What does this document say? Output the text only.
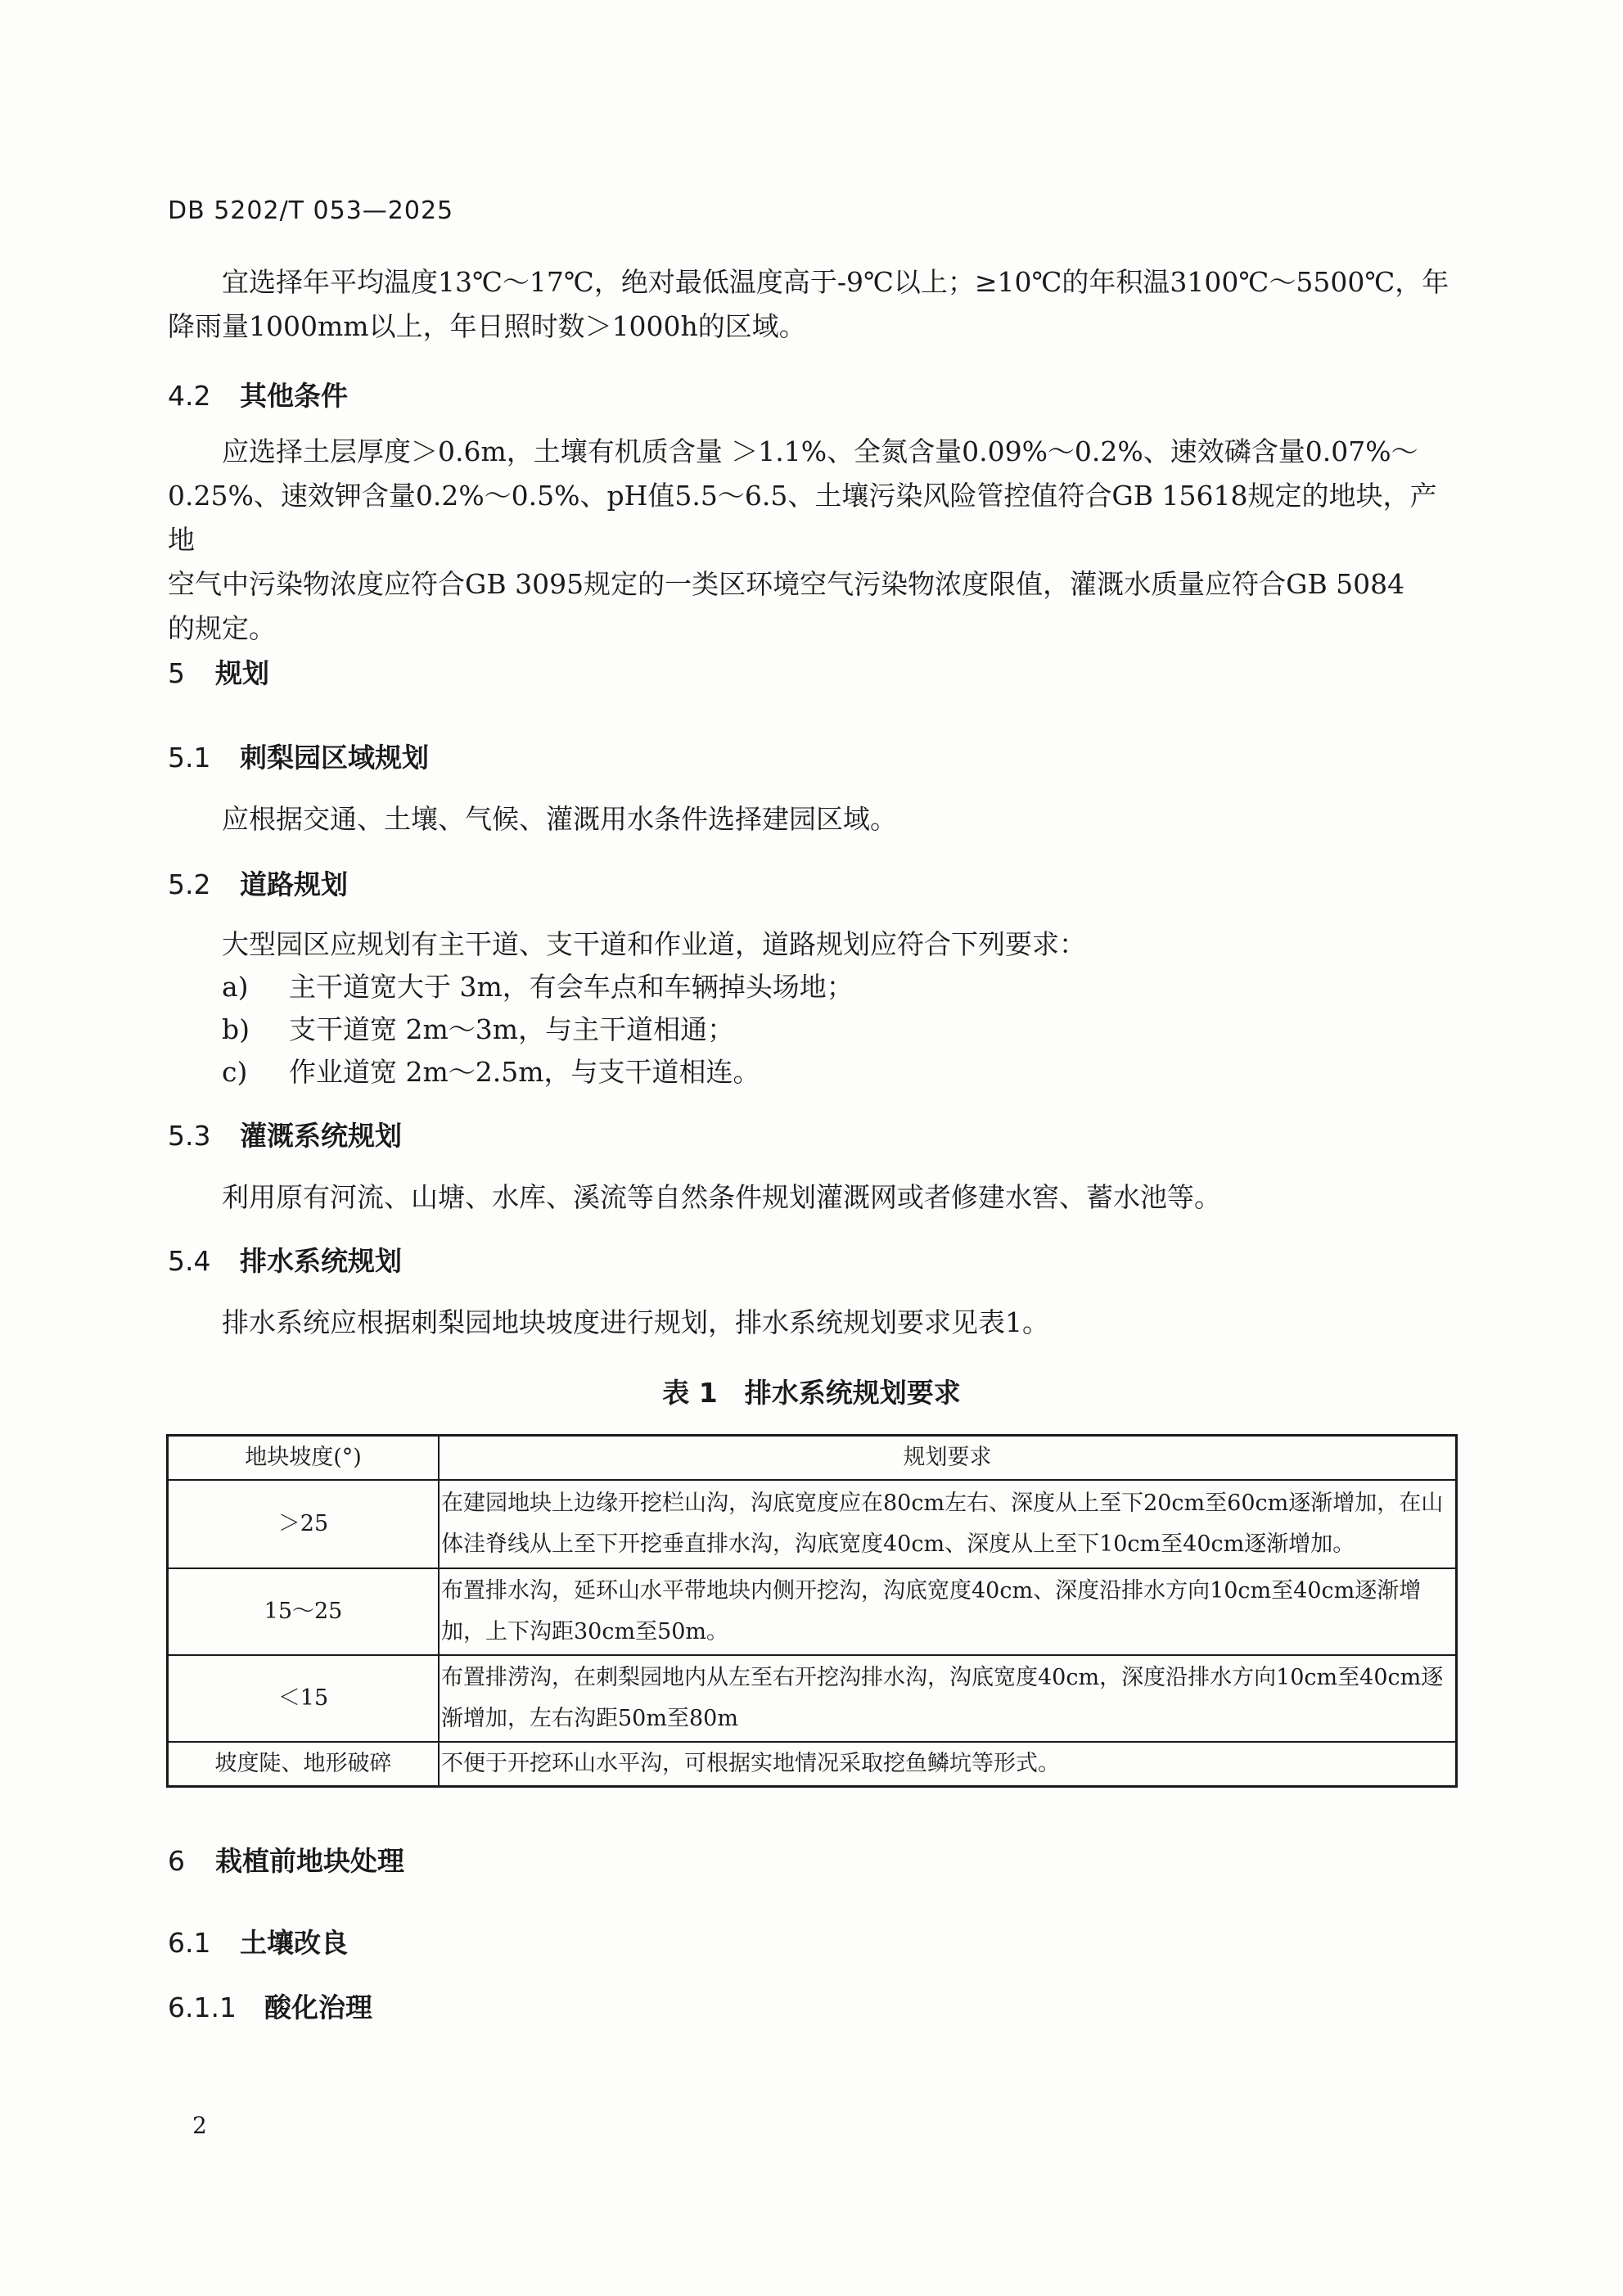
DB 5202/T 053—2025
宜选择年平均温度13℃～17℃，绝对最低温度高于-9℃以上；≥10℃的年积温3100℃～5500℃，年
降雨量1000mm以上，年日照时数＞1000h的区域。
4.2 其他条件
应选择土层厚度＞0.6m，土壤有机质含量 ＞1.1%、全氮含量0.09%～0.2%、速效磷含量0.07%～
0.25%、速效钾含量0.2%～0.5%、pH值5.5～6.5、土壤污染风险管控值符合GB 15618规定的地块，产地
空气中污染物浓度应符合GB 3095规定的一类区环境空气污染物浓度限值，灌溉水质量应符合GB 5084
的规定。
5 规划
5.1 刺梨园区域规划
应根据交通、土壤、气候、灌溉用水条件选择建园区域。
5.2 道路规划
大型园区应规划有主干道、支干道和作业道，道路规划应符合下列要求：
a) 主干道宽大于 3m，有会车点和车辆掉头场地；
b) 支干道宽 2m～3m，与主干道相通；
c) 作业道宽 2m～2.5m，与支干道相连。
5.3 灌溉系统规划
利用原有河流、山塘、水库、溪流等自然条件规划灌溉网或者修建水窖、蓄水池等。
5.4 排水系统规划
排水系统应根据刺梨园地块坡度进行规划，排水系统规划要求见表1。
表 1　排水系统规划要求
地块坡度(°)	规划要求
＞25	在建园地块上边缘开挖栏山沟，沟底宽度应在80cm左右、深度从上至下20cm至60cm逐渐增加，在山体洼脊线从上至下开挖垂直排水沟，沟底宽度40cm、深度从上至下10cm至40cm逐渐增加。
15～25	布置排水沟，延环山水平带地块内侧开挖沟，沟底宽度40cm、深度沿排水方向10cm至40cm逐渐增加，上下沟距30cm至50m。
＜15	布置排涝沟，在刺梨园地内从左至右开挖沟排水沟，沟底宽度40cm，深度沿排水方向10cm至40cm逐渐增加，左右沟距50m至80m
坡度陡、地形破碎	不便于开挖环山水平沟，可根据实地情况采取挖鱼鳞坑等形式。
6 栽植前地块处理
6.1 土壤改良
6.1.1 酸化治理
2
